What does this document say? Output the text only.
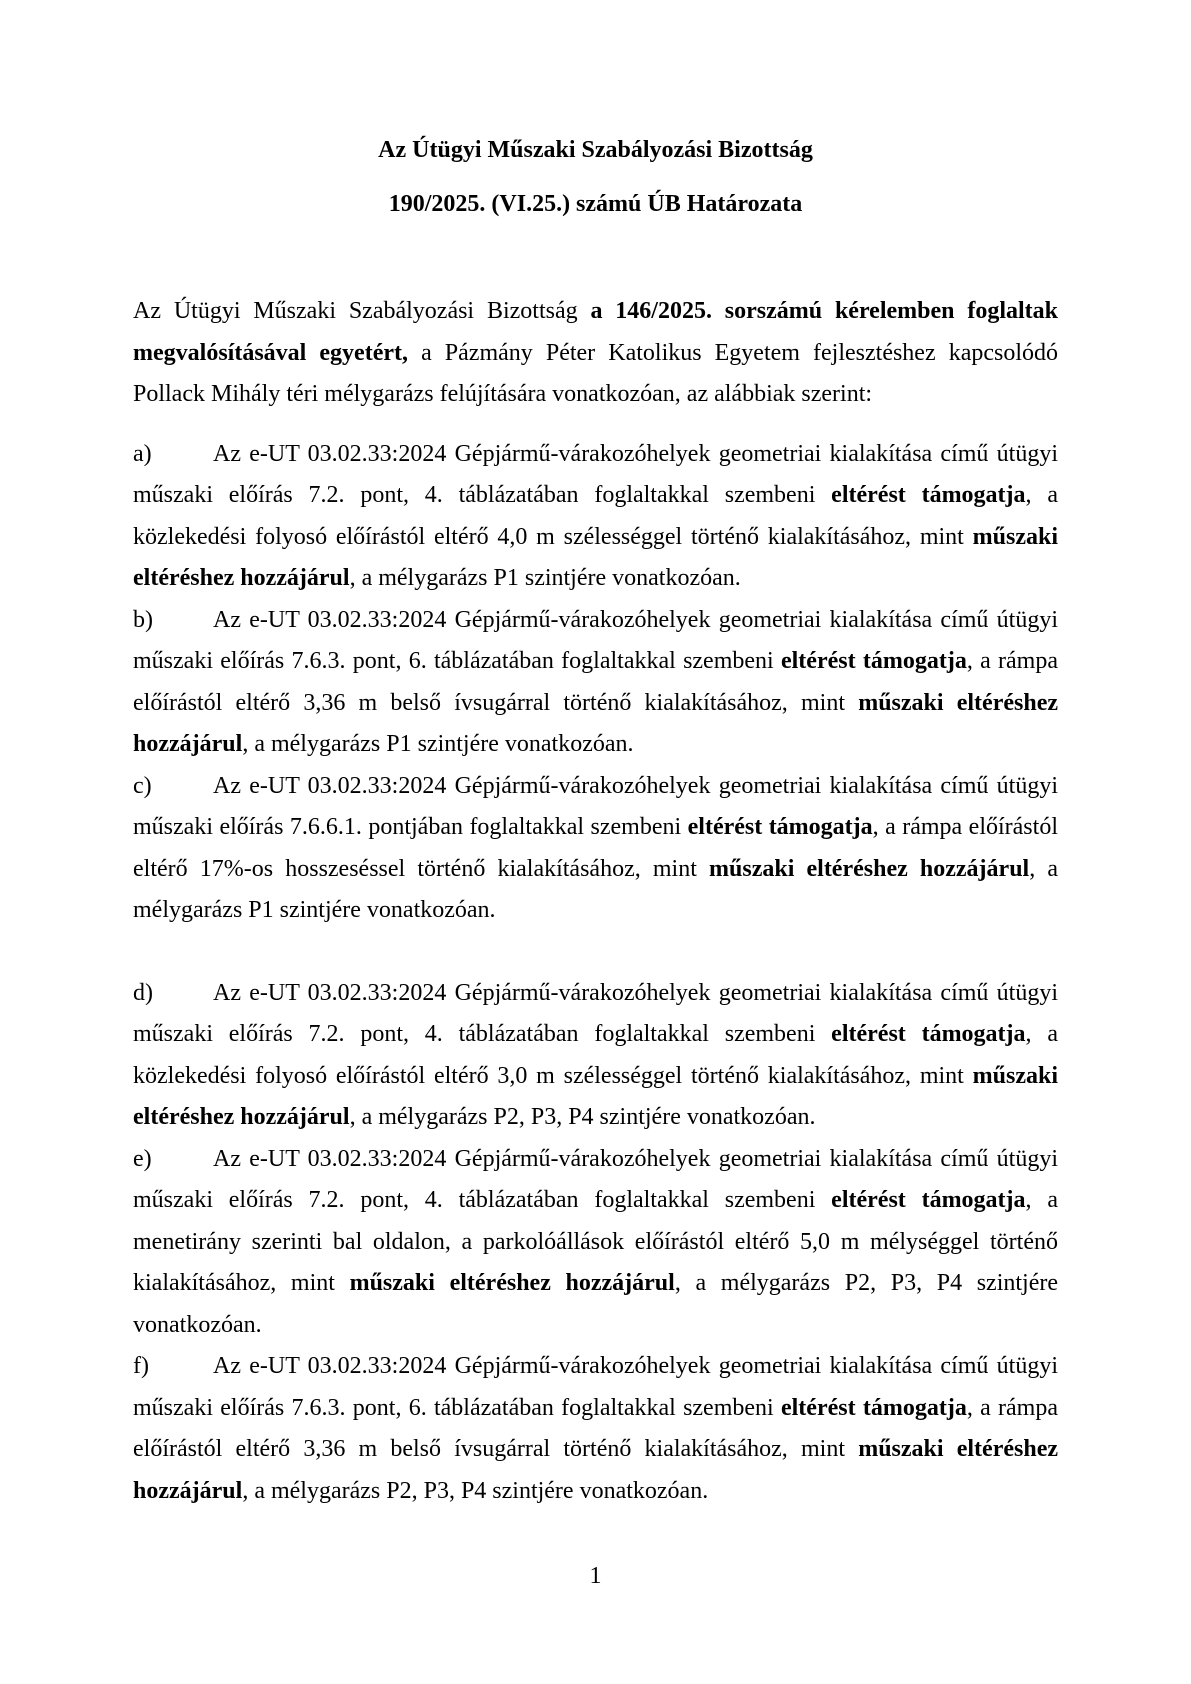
Az Útügyi Műszaki Szabályozási Bizottság

190/2025. (VI.25.) számú ÚB Határozata

Az Útügyi Műszaki Szabályozási Bizottság a 146/2025. sorszámú kérelemben foglaltak megvalósításával egyetért, a Pázmány Péter Katolikus Egyetem fejlesztéshez kapcsolódó Pollack Mihály téri mélygarázs felújítására vonatkozóan, az alábbiak szerint:

a)	Az e-UT 03.02.33:2024 Gépjármű-várakozóhelyek geometriai kialakítása című útügyi műszaki előírás 7.2. pont, 4. táblázatában foglaltakkal szembeni eltérést támogatja, a közlekedési folyosó előírástól eltérő 4,0 m szélességgel történő kialakításához, mint műszaki eltéréshez hozzájárul, a mélygarázs P1 szintjére vonatkozóan.

b)	Az e-UT 03.02.33:2024 Gépjármű-várakozóhelyek geometriai kialakítása című útügyi műszaki előírás 7.6.3. pont, 6. táblázatában foglaltakkal szembeni eltérést támogatja, a rámpa előírástól eltérő 3,36 m belső ívsugárral történő kialakításához, mint műszaki eltéréshez hozzájárul, a mélygarázs P1 szintjére vonatkozóan.

c)	Az e-UT 03.02.33:2024 Gépjármű-várakozóhelyek geometriai kialakítása című útügyi műszaki előírás 7.6.6.1. pontjában foglaltakkal szembeni eltérést támogatja, a rámpa előírástól eltérő 17%-os hosszeséssel történő kialakításához, mint műszaki eltéréshez hozzájárul, a mélygarázs P1 szintjére vonatkozóan.

d)	Az e-UT 03.02.33:2024 Gépjármű-várakozóhelyek geometriai kialakítása című útügyi műszaki előírás 7.2. pont, 4. táblázatában foglaltakkal szembeni eltérést támogatja, a közlekedési folyosó előírástól eltérő 3,0 m szélességgel történő kialakításához, mint műszaki eltéréshez hozzájárul, a mélygarázs P2, P3, P4 szintjére vonatkozóan.

e)	Az e-UT 03.02.33:2024 Gépjármű-várakozóhelyek geometriai kialakítása című útügyi műszaki előírás 7.2. pont, 4. táblázatában foglaltakkal szembeni eltérést támogatja, a menetirány szerinti bal oldalon, a parkolóállások előírástól eltérő 5,0 m mélységgel történő kialakításához, mint műszaki eltéréshez hozzájárul, a mélygarázs P2, P3, P4 szintjére vonatkozóan.

f)	Az e-UT 03.02.33:2024 Gépjármű-várakozóhelyek geometriai kialakítása című útügyi műszaki előírás 7.6.3. pont, 6. táblázatában foglaltakkal szembeni eltérést támogatja, a rámpa előírástól eltérő 3,36 m belső ívsugárral történő kialakításához, mint műszaki eltéréshez hozzájárul, a mélygarázs P2, P3, P4 szintjére vonatkozóan.

1
